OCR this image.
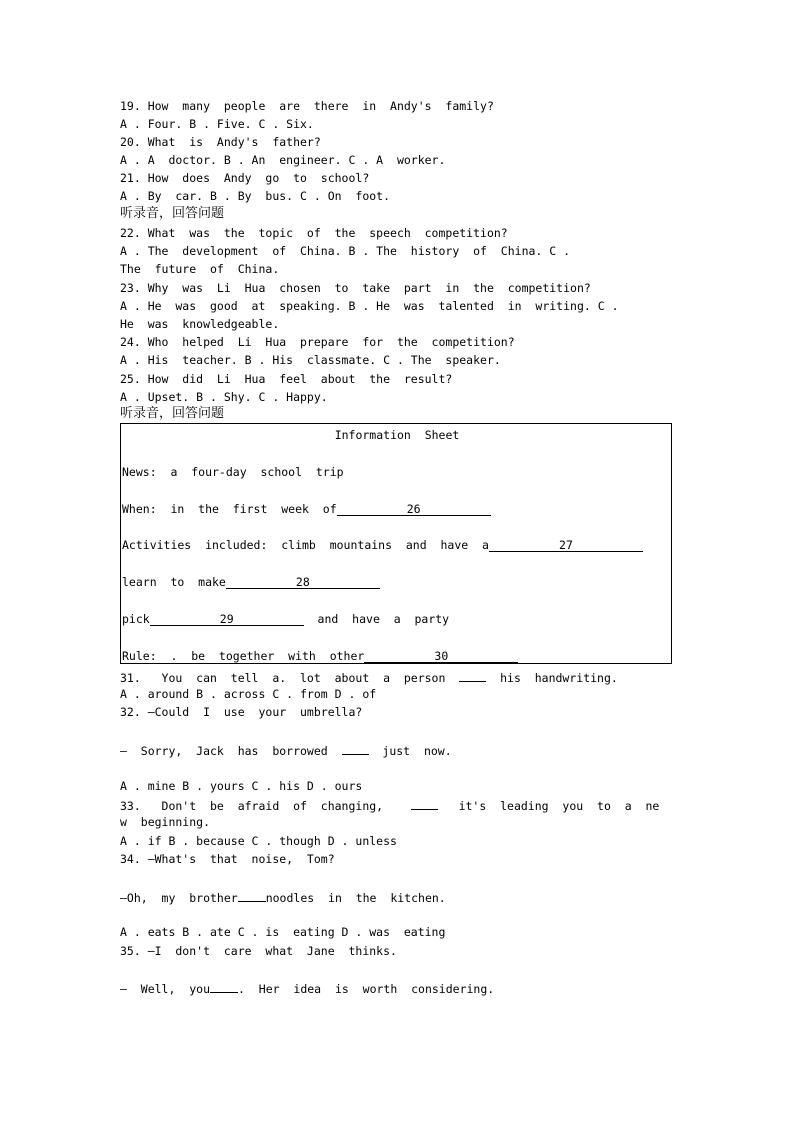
19. How  many  people  are  there  in  Andy's  family?
A . Four. B . Five. C . Six.
20. What  is  Andy's  father?
A . A  doctor. B . An  engineer. C . A  worker.
21. How  does  Andy  go  to  school?
A . By  car. B . By  bus. C . On  foot.
听录音，回答问题
22. What  was  the  topic  of  the  speech  competition?
A . The  development  of  China. B . The  history  of  China. C .
The  future  of  China.
23. Why  was  Li  Hua  chosen  to  take  part  in  the  competition?
A . He  was  good  at  speaking. B . He  was  talented  in  writing. C .
He  was  knowledgeable.
24. Who  helped  Li  Hua  prepare  for  the  competition?
A . His  teacher. B . His  classmate. C . The  speaker.
25. How  did  Li  Hua  feel  about  the  result?
A . Upset. B . Shy. C . Happy.
听录音，回答问题
Information  Sheet
News:  a  four-day  school  trip
When:  in  the  first  week  of	26
Activities  included:  climb  mountains  and  have  a	27
learn  to  make	28
pick	29	and  have  a  party
Rule:  .  be  together  with  other	30
31.   You  can  tell  a.  lot  about  a  person    his  handwriting.
A . around B . across C . from D . of
32. —Could  I  use  your  umbrella?
—  Sorry,  Jack  has  borrowed    just  now.
A . mine B . yours C . his D . ours
33.   Don't  be  afraid  of  changing,       it's  leading  you  to  a  ne
w  beginning.
A . if B . because C . though D . unless
34. —What's  that  noise,  Tom?
—Oh,  my  brother noodles  in  the  kitchen.
A . eats B . ate C . is  eating D . was  eating
35. —I  don't  care  what  Jane  thinks.
—  Well,  you .  Her  idea  is  worth  considering.
